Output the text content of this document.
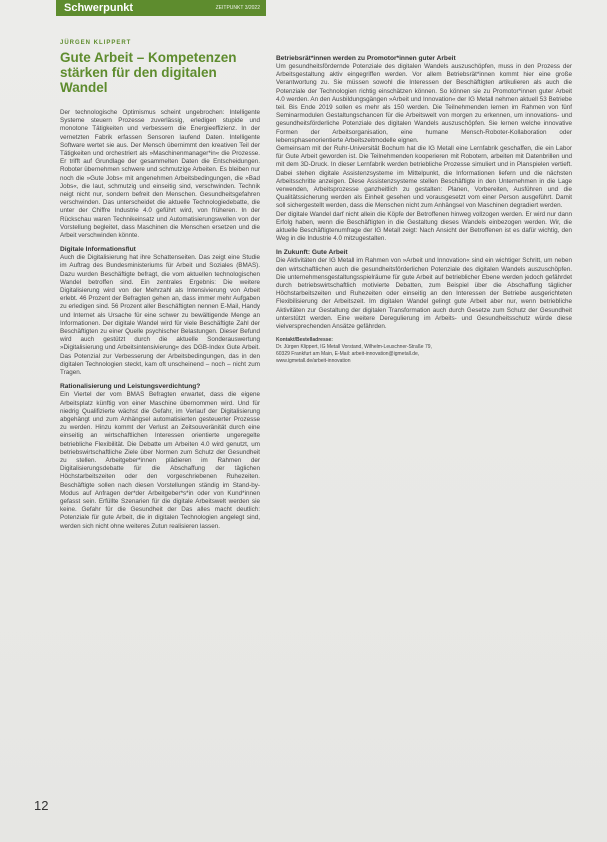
Schwerpunkt	ZEITPUNKT 3/2022
JÜRGEN KLIPPERT
Gute Arbeit – Kompetenzen stärken für den digitalen Wandel

Der technologische Optimismus scheint ungebrochen: Intelligente Systeme steuern Prozesse zuverlässig, erledigen stupide und monotone Tätigkeiten und verbessern die Energieeffizienz. In der vernetzten Fabrik erfassen Sensoren laufend Daten. Intelligente Software wertet sie aus. Der Mensch übernimmt den kreativen Teil der Tätigkeiten und orchestriert als »Maschinenmanager*in« die Prozesse. Er trifft auf Grundlage der gesammelten Daten die Entscheidungen. Roboter übernehmen schwere und schmutzige Arbeiten. Es bleiben nur noch die »Gute Jobs« mit angenehmen Arbeitsbedingungen, die »Bad Jobs«, die laut, schmutzig und einseitig sind, verschwinden. Technik neigt nicht nur, sondern befreit den Menschen. Gesundheitsgefahren verschwinden. Das unterscheidet die aktuelle Technologiedebatte, die unter der Chiffre Industrie 4.0 geführt wird, von früheren. In der Rückschau waren Technikeinsatz und Automatisierungswellen von der Vorstellung begleitet, dass Maschinen die Menschen ersetzen und die Arbeit verschwinden könnte.

Digitale Informationsflut

Auch die Digitalisierung hat ihre Schattenseiten. Das zeigt eine Studie im Auftrag des Bundesministeriums für Arbeit und Soziales (BMAS). Dazu wurden Beschäftigte befragt, die vom aktuellen technologischen Wandel betroffen sind. Ein zentrales Ergebnis: Die weitere Digitalisierung wird von der Mehrzahl als Intensivierung von Arbeit erlebt. 46 Prozent der Befragten gehen an, dass immer mehr Aufgaben zu erledigen sind. 56 Prozent aller Beschäftigten nennen E-Mail, Handy und Internet als Ursache für eine schwer zu bewältigende Menge an Informationen. Der digitale Wandel wird für viele Beschäftigte Zahl der Beschäftigten zu einer Quelle psychischer Belastungen. Dieser Befund wird auch gestützt durch die aktuelle Sonderauswertung »Digitalisierung und Arbeitsintensivierung« des DGB-Index Gute Arbeit. Das Potenzial zur Verbesserung der Arbeitsbedingungen, das in den digitalen Technologien steckt, kam oft unscheinend – noch – nicht zum Tragen.

Rationalisierung und Leistungsverdichtung?

Ein Viertel der vom BMAS Befragten erwartet, dass die eigene Arbeitsplatz künftig von einer Maschine übernommen wird. Und für niedrig Qualifizierte wächst die Gefahr, im Verlauf der Digitalisierung abgehängt und zum Anhängsel automatisierten gesteuerter Prozesse zu werden. Hinzu kommt der Verlust an Zeitsouveränität durch eine einseitig an wirtschaftlichen Interessen orientierte ungeregelte betriebliche Flexibilität. Die Debatte um Arbeiten 4.0 wird genutzt, um betriebswirtschaftliche Ziele über Normen zum Schutz der Gesundheit zu stellen. Arbeitgeber*innen plädieren im Rahmen der Digitalisierungsdebatte für die Abschaffung der täglichen Höchstarbeitszeiten oder den vorgeschriebenen Ruhezeiten. Beschäftigte sollen nach diesen Vorstellungen ständig im Stand-by-Modus auf Anfragen der*der Arbeitgeber*s*in oder von Kund*innen gefasst sein. Erfüllte Szenarien für die digitale Arbeitswelt werden sie keine. Gefahr für die Gesundheit der Das alles macht deutlich: Potenziale für gute Arbeit, die in digitalen Technologien angelegt sind, werden sich nicht ohne weiteres Zutun realisieren lassen.

Betriebsrät*innen werden zu Promotor*innen guter Arbeit

Um gesundheitsfördernde Potenziale des digitalen Wandels auszuschöpfen, muss in den Prozess der Arbeitsgestaltung aktiv eingegriffen werden. Vor allem Betriebsrät*innen kommt hier eine große Verantwortung zu. Sie müssen sowohl die Interessen der Beschäftigten artikulieren als auch die Potenziale der Technologien richtig einschätzen können. So können sie zu Promotor*innen guter Arbeit 4.0 werden. An den Ausbildungsgängen »Arbeit und Innovation« der IG Metall nehmen aktuell 53 Betriebe teil. Bis Ende 2019 sollen es mehr als 150 werden. Die Teilnehmenden lernen im Rahmen von fünf Seminarmodulen Gestaltungschancen für die Arbeitswelt von morgen zu erkennen, um innovations- und gesundheitsförderliche Potenziale des digitalen Wandels auszuschöpfen. Sie lernen welche innovative Formen der Arbeitsorganisation, eine humane Mensch-Roboter-Kollaboration oder lebensphasenorientierte Arbeitszeitmodelle eignen.

Gemeinsam mit der Ruhr-Universität Bochum hat die IG Metall eine Lernfabrik geschaffen, die ein Labor für Gute Arbeit geworden ist. Die Teilnehmenden kooperieren mit Robotern, arbeiten mit Datenbrillen und mit dem 3D-Druck. In dieser Lernfabrik werden betriebliche Prozesse simuliert und in Planspielen vertieft. Dabei stehen digitale Assistenzsysteme im Mittelpunkt, die Informationen liefern und die nächsten Arbeitsschritte anzeigen. Diese Assistenzsysteme stellen Beschäftigte in den Unternehmen in die Lage verwenden, Arbeitsprozesse ganzheitlich zu gestalten: Planen, Vorbereiten, Ausführen und die Qualitätssicherung werden als Einheit gesehen und vorausgesetzt vom einer Person ausgeführt. Damit soll sichergestellt werden, dass die Menschen nicht zum Anhängsel von Maschinen degradiert werden.

Der digitale Wandel darf nicht allein die Köpfe der Betroffenen hinweg vollzogen werden. Er wird nur dann Erfolg haben, wenn die Beschäftigten in die Gestaltung dieses Wandels einbezogen werden. Wir, die aktuelle Beschäftigtenumfrage der IG Metall zeigt: Nach Ansicht der Betroffenen ist es dafür wichtig, den Weg in die Industrie 4.0 mitzugestalten.

In Zukunft: Gute Arbeit

Die Aktivitäten der IG Metall im Rahmen von »Arbeit und Innovation« sind ein wichtiger Schritt, um neben den wirtschaftlichen auch die gesundheitsförderlichen Potenziale des digitalen Wandels auszuschöpfen. Die unternehmensgestaltungsspielräume für gute Arbeit auf betrieblicher Ebene werden jedoch gefährdet durch betriebswirtschaftlich motivierte Debatten, zum Beispiel über die Abschaffung täglicher Höchstarbeitszeiten und Ruhezeiten oder einseitig an den Interessen der Betriebe ausgerichteten Flexibilisierung der Arbeitszeit. Im digitalen Wandel gelingt gute Arbeit aber nur, wenn betriebliche Aktivitäten zur Gestaltung der digitalen Transformation auch durch Gesetze zum Schutz der Gesundheit unterstützt werden. Eine weitere Deregulierung im Arbeits- und Gesundheitsschutz würde diese vielversprechenden Ansätze gefährden.

Kontakt/Bestelladresse:
Dr. Jürgen Klippert, IG Metall Vorstand, Wilhelm-Leuschner-Straße 79,
60329 Frankfurt am Main, E-Mail: arbeit-innovation@igmetall.de,
www.igmetall.de/arbeit-innovation
12
